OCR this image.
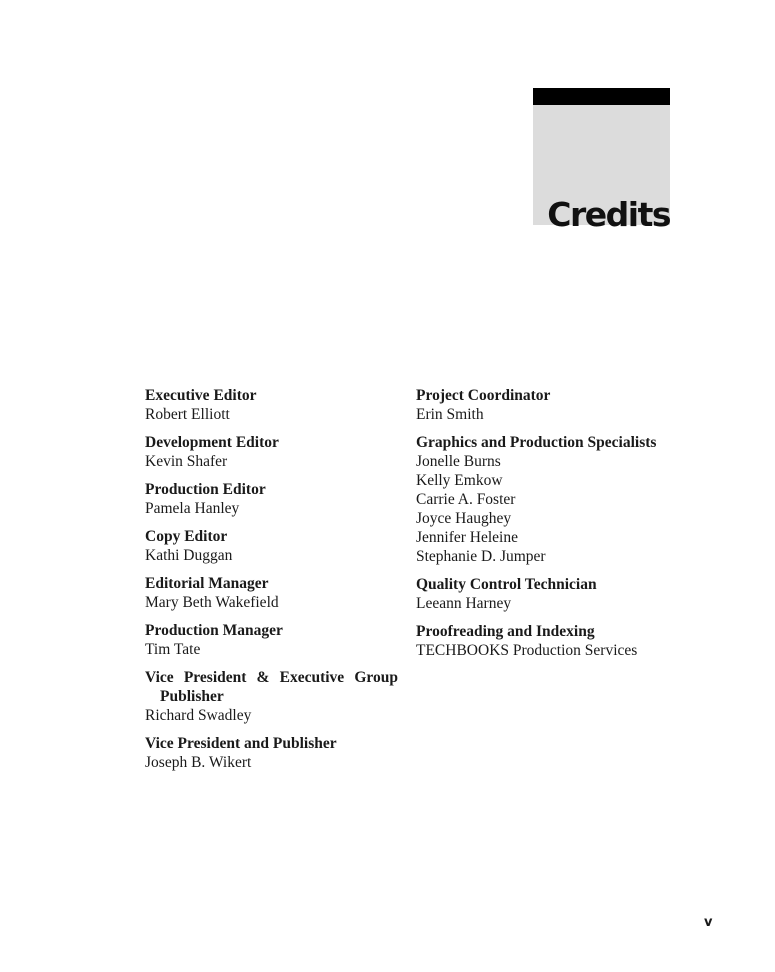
Credits
Executive Editor
Robert Elliott
Development Editor
Kevin Shafer
Production Editor
Pamela Hanley
Copy Editor
Kathi Duggan
Editorial Manager
Mary Beth Wakefield
Production Manager
Tim Tate
Vice President & Executive Group Publisher
Richard Swadley
Vice President and Publisher
Joseph B. Wikert
Project Coordinator
Erin Smith
Graphics and Production Specialists
Jonelle Burns
Kelly Emkow
Carrie A. Foster
Joyce Haughey
Jennifer Heleine
Stephanie D. Jumper
Quality Control Technician
Leeann Harney
Proofreading and Indexing
TECHBOOKS Production Services
v
